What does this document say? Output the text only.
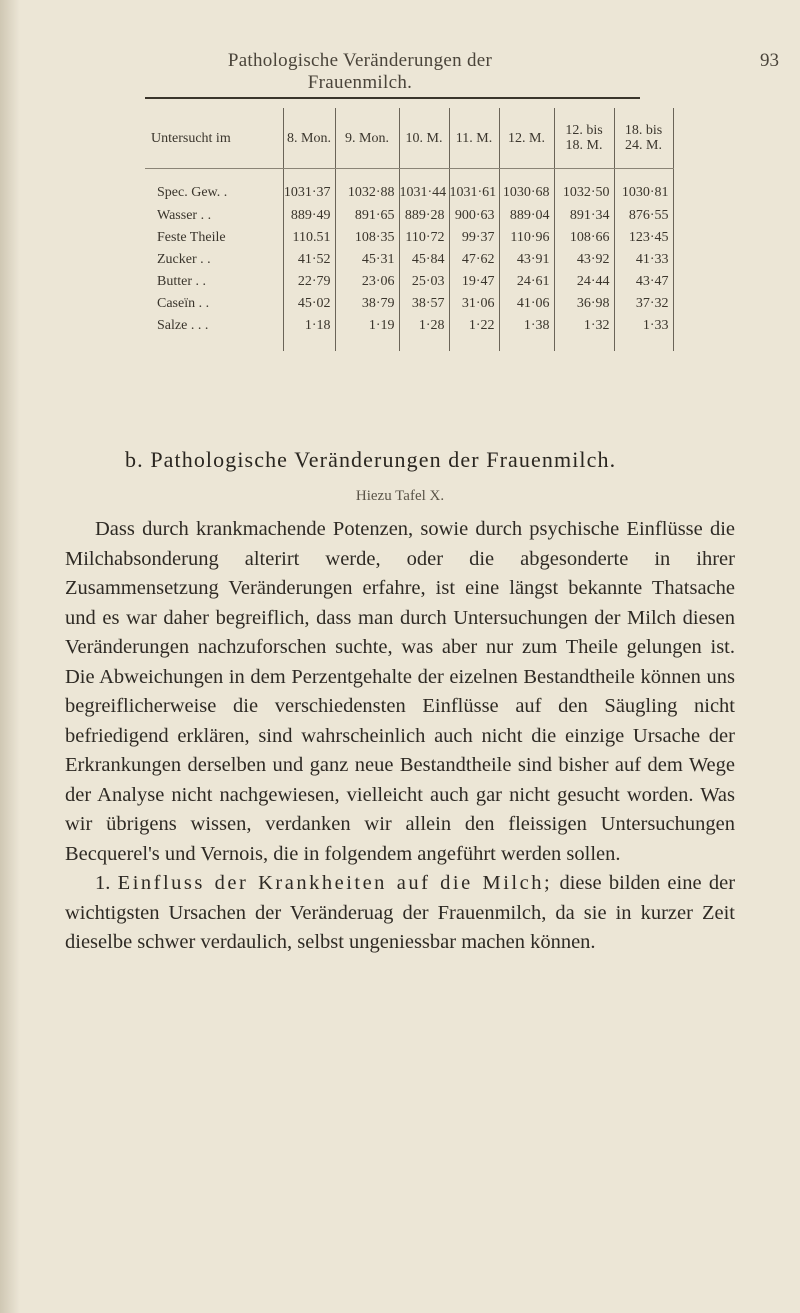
Pathologische Veränderungen der Frauenmilch.
93
Untersucht im	8. Mon.	9. Mon.	10. M.	11. M.	12. M.	12. bis 18. M.	18. bis 24. M.
Spec. Gew. .	1031·37	1032·88	1031·44	1031·61	1030·68	1032·50	1030·81
Wasser . .	889·49	891·65	889·28	900·63	889·04	891·34	876·55
Feste Theile	110.51	108·35	110·72	99·37	110·96	108·66	123·45
Zucker . .	41·52	45·31	45·84	47·62	43·91	43·92	41·33
Butter . .	22·79	23·06	25·03	19·47	24·61	24·44	43·47
Caseïn . .	45·02	38·79	38·57	31·06	41·06	36·98	37·32
Salze . . .	1·18	1·19	1·28	1·22	1·38	1·32	1·33
b. Pathologische Veränderungen der Frauenmilch.
Hiezu Tafel X.

Dass durch krankmachende Potenzen, sowie durch psychische Einflüsse die Milchabsonderung alterirt werde, oder die abgesonderte in ihrer Zusammensetzung Veränderungen erfahre, ist eine längst bekannte Thatsache und es war daher begreiflich, dass man durch Untersuchungen der Milch diesen Veränderungen nachzuforschen suchte, was aber nur zum Theile gelungen ist. Die Abweichungen in dem Perzentgehalte der eizelnen Bestandtheile können uns begreiflicherweise die verschiedensten Einflüsse auf den Säugling nicht befriedigend erklären, sind wahrscheinlich auch nicht die einzige Ursache der Erkrankungen derselben und ganz neue Bestandtheile sind bisher auf dem Wege der Analyse nicht nachgewiesen, vielleicht auch gar nicht gesucht worden. Was wir übrigens wissen, verdanken wir allein den fleissigen Untersuchungen Becquerel's und Vernois, die in folgendem angeführt werden sollen.

1. Einfluss der Krankheiten auf die Milch; diese bilden eine der wichtigsten Ursachen der Veränderuag der Frauenmilch, da sie in kurzer Zeit dieselbe schwer verdaulich, selbst ungeniessbar machen können.
